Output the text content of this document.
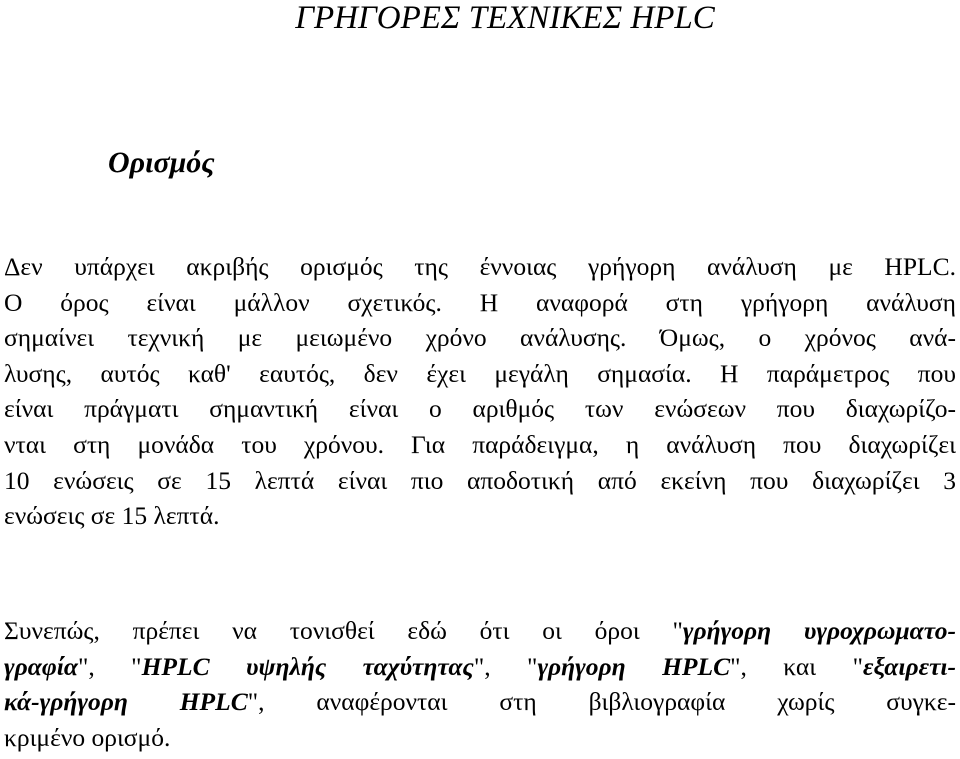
ΓΡΗΓΟΡΕΣ ΤΕΧΝΙΚΕΣ HPLC
Ορισμός

Δεν υπάρχει ακριβής ορισμός της έννοιας γρήγορη ανάλυση με HPLC.
Ο όρος είναι μάλλον σχετικός. Η αναφορά στη γρήγορη ανάλυση
σημαίνει τεχνική με μειωμένο χρόνο ανάλυσης. Όμως, ο χρόνος ανά-
λυσης, αυτός καθ' εαυτός, δεν έχει μεγάλη σημασία. Η παράμετρος που
είναι πράγματι σημαντική είναι ο αριθμός των ενώσεων που διαχωρίζο-
νται στη μονάδα του χρόνου. Για παράδειγμα, η ανάλυση που διαχωρίζει
10 ενώσεις σε 15 λεπτά είναι πιο αποδοτική από εκείνη που διαχωρίζει 3
ενώσεις σε 15 λεπτά.

Συνεπώς, πρέπει να τονισθεί εδώ ότι οι όροι "γρήγορη υγροχρωματο-
γραφία", "HPLC υψηλής ταχύτητας", "γρήγορη HPLC", και "εξαιρετι-
κά-γρήγορη HPLC", αναφέρονται στη βιβλιογραφία χωρίς συγκε-
κριμένο ορισμό.
